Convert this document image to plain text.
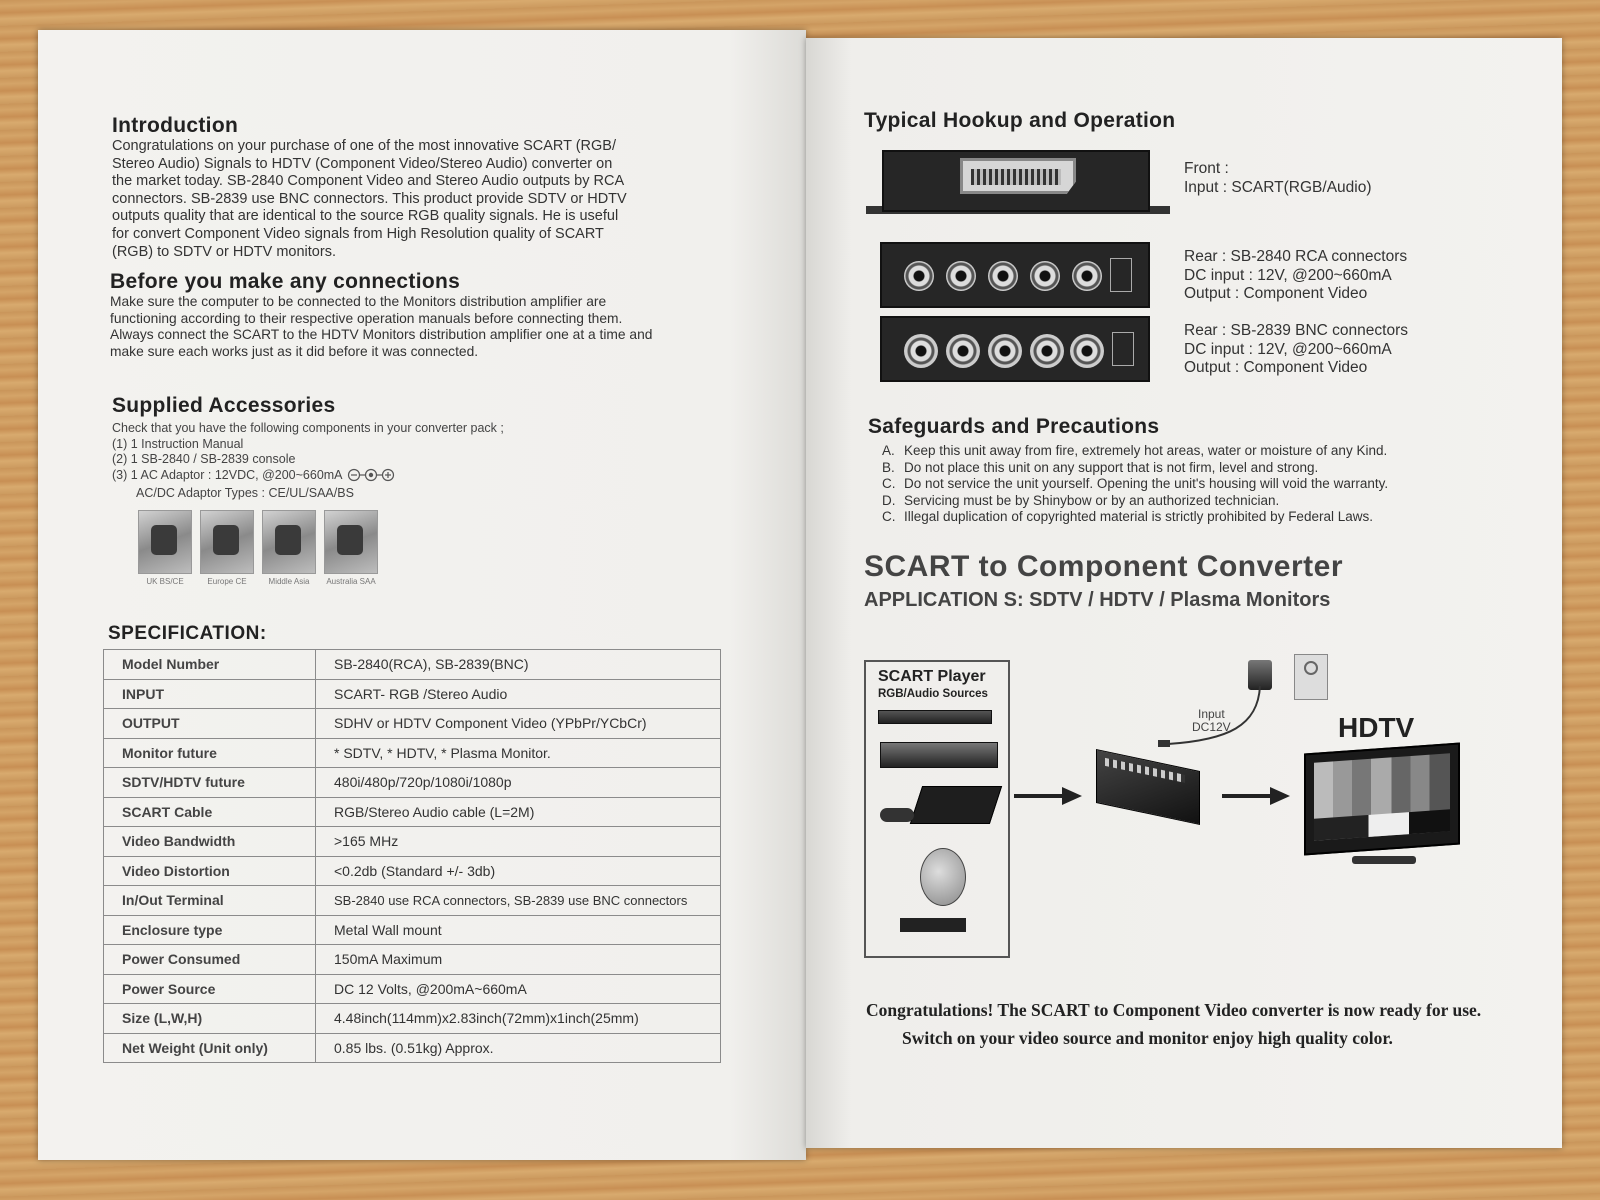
Introduction
Congratulations on your purchase of one of the most innovative SCART (RGB/
Stereo Audio) Signals to HDTV (Component Video/Stereo Audio) converter on
the market today. SB-2840 Component Video and Stereo Audio outputs by RCA
connectors. SB-2839 use BNC connectors. This product provide SDTV or HDTV
outputs quality that are identical to the source RGB quality signals. He is useful
for convert Component Video signals from High Resolution quality of SCART
(RGB) to SDTV or HDTV monitors.
Before you make any connections
Make sure the computer to be connected to the Monitors distribution amplifier are
functioning according to their respective operation manuals before connecting them.
Always connect the SCART to the HDTV Monitors distribution amplifier one at a time and
make sure each works just as it did before it was connected.
Supplied Accessories
Check that you have the following components in your converter pack ;
(1) 1 Instruction Manual
(2) 1 SB-2840 / SB-2839 console
(3) 1 AC Adaptor : 12VDC, @200~660mA
AC/DC Adaptor Types : CE/UL/SAA/BS
UK BS/CE	Europe CE	Middle Asia	Australia SAA
SPECIFICATION:
Model Number	SB-2840(RCA), SB-2839(BNC)
INPUT	SCART- RGB /Stereo Audio
OUTPUT	SDHV or HDTV Component Video (YPbPr/YCbCr)
Monitor future	* SDTV, * HDTV, * Plasma Monitor.
SDTV/HDTV future	480i/480p/720p/1080i/1080p
SCART Cable	RGB/Stereo Audio cable (L=2M)
Video Bandwidth	>165 MHz
Video Distortion	<0.2db (Standard +/- 3db)
In/Out Terminal	SB-2840 use RCA connectors, SB-2839 use BNC connectors
Enclosure type	Metal Wall mount
Power Consumed	150mA Maximum
Power Source	DC 12 Volts, @200mA~660mA
Size (L,W,H)	4.48inch(114mm)x2.83inch(72mm)x1inch(25mm)
Net Weight (Unit only)	0.85 lbs. (0.51kg) Approx.
Typical Hookup and Operation
Front :
Input : SCART(RGB/Audio)
Rear : SB-2840 RCA connectors
DC input : 12V, @200~660mA
Output : Component Video
Rear : SB-2839 BNC connectors
DC input : 12V, @200~660mA
Output : Component Video
Safeguards and Precautions
A. Keep this unit away from fire, extremely hot areas, water or moisture of any Kind.
B. Do not place this unit on any support that is not firm, level and strong.
C. Do not service the unit yourself. Opening the unit's housing will void the warranty.
D. Servicing must be by Shinybow or by an authorized technician.
C. Illegal duplication of copyrighted material is strictly prohibited by Federal Laws.
SCART to Component Converter
APPLICATION S: SDTV / HDTV / Plasma Monitors
SCART Player
RGB/Audio Sources
Input
DC12V	HDTV
Congratulations! The SCART to Component Video converter is now ready for use.
Switch on your video source and monitor enjoy high quality color.
